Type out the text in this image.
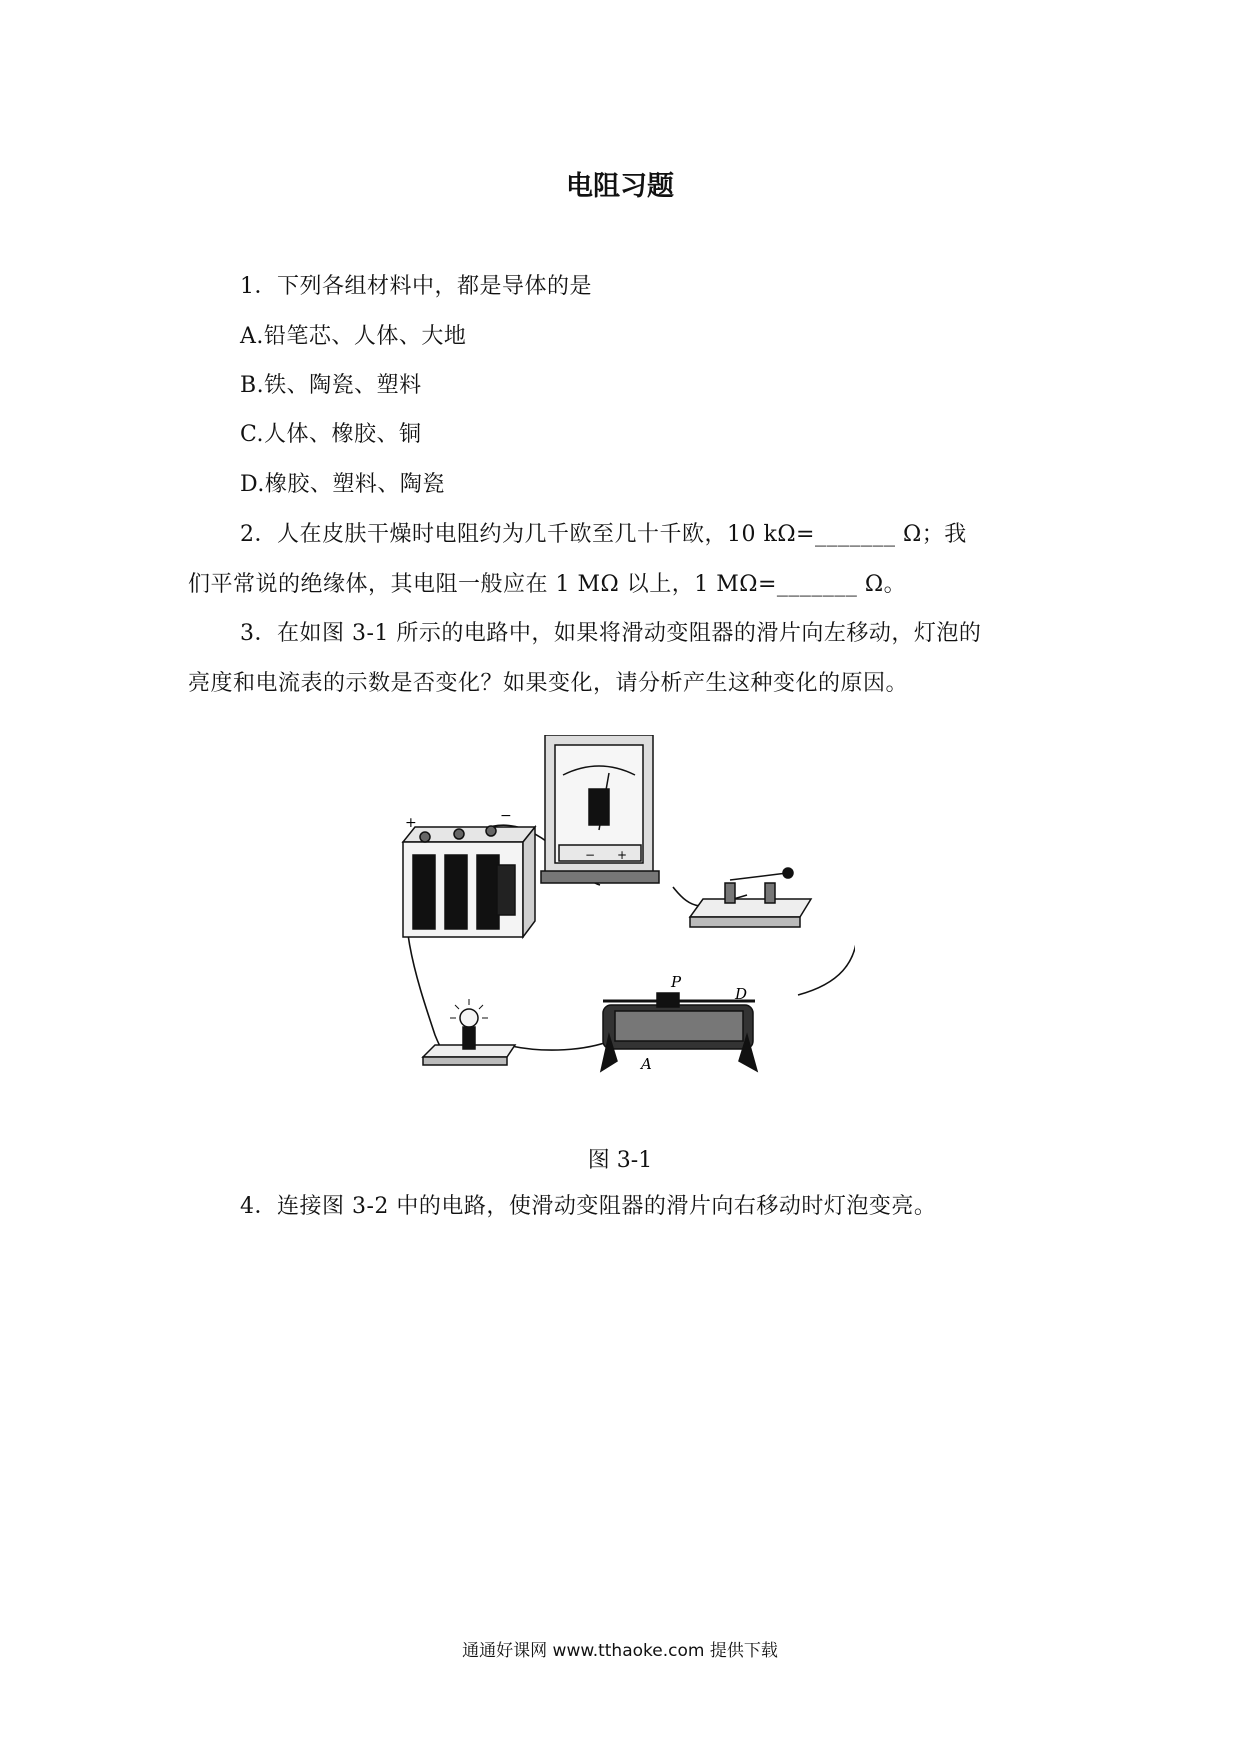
电阻习题
1．下列各组材料中，都是导体的是
A.铅笔芯、人体、大地
B.铁、陶瓷、塑料
C.人体、橡胶、铜
D.橡胶、塑料、陶瓷
2．人在皮肤干燥时电阻约为几千欧至几十千欧，10 kΩ=_______ Ω；我
们平常说的绝缘体，其电阻一般应在 1 MΩ 以上，1 MΩ=_______ Ω。
3．在如图 3-1 所示的电路中，如果将滑动变阻器的滑片向左移动，灯泡的
亮度和电流表的示数是否变化？如果变化，请分析产生这种变化的原因。
+	−
− +
P
D
A
图 3-1
4．连接图 3-2 中的电路，使滑动变阻器的滑片向右移动时灯泡变亮。
通通好课网 www.tthaoke.com 提供下载
